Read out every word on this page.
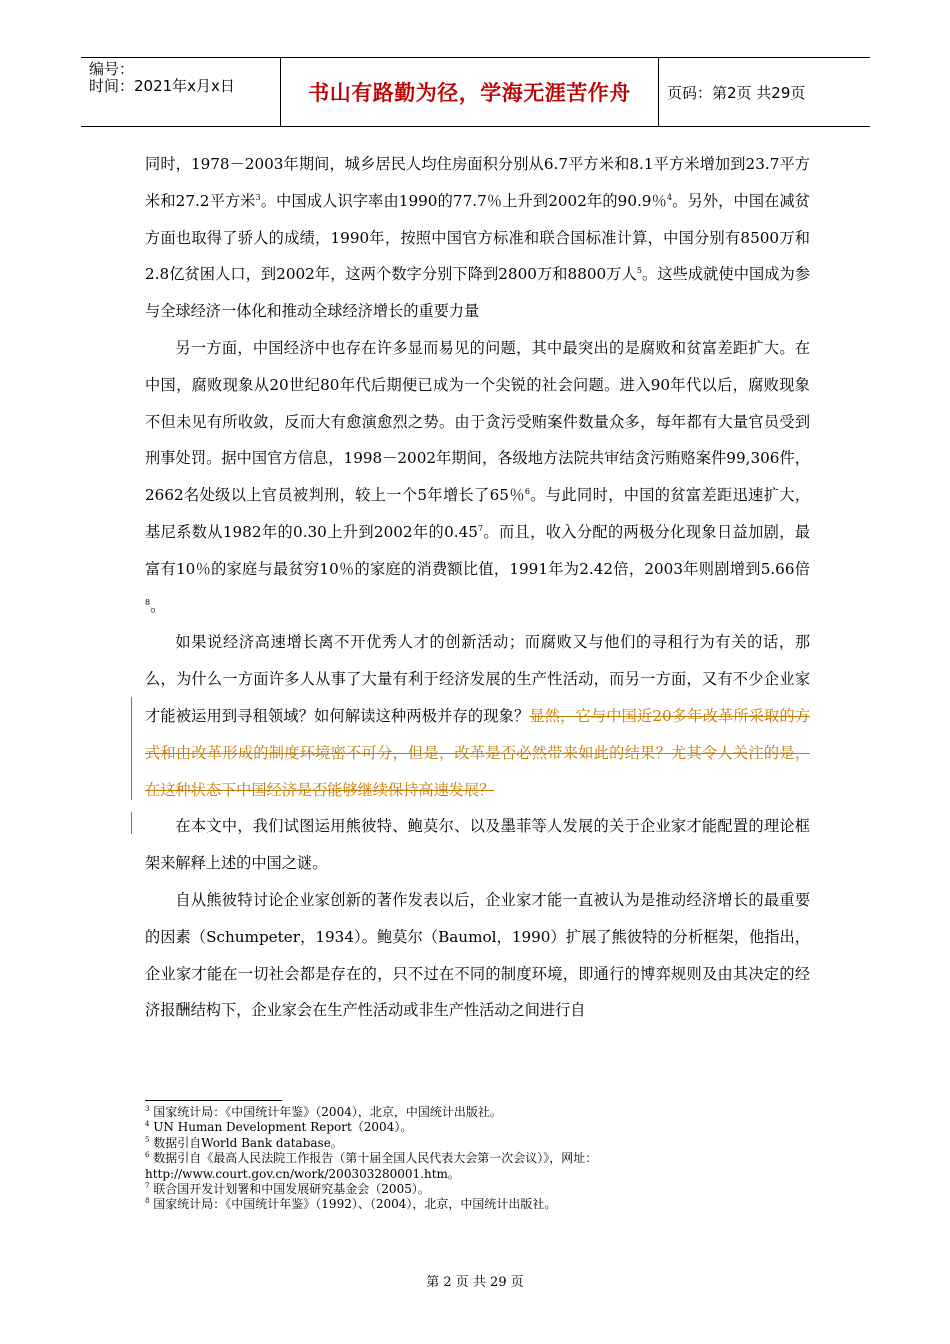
编号：
时间：2021年x月x日	书山有路勤为径，学海无涯苦作舟	页码：第2页 共29页

同时，1978－2003年期间，城乡居民人均住房面积分别从6.7平方米和8.1平方米增加到23.7平方米和27.2平方米$^3$。中国成人识字率由1990的77.7％上升到2002年的90.9％$^4$。另外，中国在减贫方面也取得了骄人的成绩，1990年，按照中国官方标准和联合国标准计算，中国分别有8500万和2.8亿贫困人口，到2002年，这两个数字分别下降到2800万和8800万人$^5$。这些成就使中国成为参与全球经济一体化和推动全球经济增长的重要力量

另一方面，中国经济中也存在许多显而易见的问题，其中最突出的是腐败和贫富差距扩大。在中国，腐败现象从20世纪80年代后期便已成为一个尖锐的社会问题。进入90年代以后，腐败现象不但未见有所收敛，反而大有愈演愈烈之势。由于贪污受贿案件数量众多，每年都有大量官员受到刑事处罚。据中国官方信息，1998－2002年期间，各级地方法院共审结贪污贿赂案件99,306件，2662名处级以上官员被判刑，较上一个5年增长了65％$^6$。与此同时，中国的贫富差距迅速扩大，基尼系数从1982年的0.30上升到2002年的0.45$^7$。而且，收入分配的两极分化现象日益加剧，最富有10％的家庭与最贫穷10％的家庭的消费额比值，1991年为2.42倍，2003年则剧增到5.66倍$^8$。

如果说经济高速增长离不开优秀人才的创新活动；而腐败又与他们的寻租行为有关的话，那么，为什么一方面许多人从事了大量有利于经济发展的生产性活动，而另一方面，又有不少企业家才能被运用到寻租领域？如何解读这种两极并存的现象？显然，它与中国近20多年改革所采取的方式和由改革形成的制度环境密不可分，但是，改革是否必然带来如此的结果？尤其令人关注的是，在这种状态下中国经济是否能够继续保持高速发展？

在本文中，我们试图运用熊彼特、鲍莫尔、以及墨菲等人发展的关于企业家才能配置的理论框架来解释上述的中国之谜。

自从熊彼特讨论企业家创新的著作发表以后，企业家才能一直被认为是推动经济增长的最重要的因素（Schumpeter，1934）。鲍莫尔（Baumol，1990）扩展了熊彼特的分析框架，他指出，企业家才能在一切社会都是存在的，只不过在不同的制度环境，即通行的博弈规则及由其决定的经济报酬结构下，企业家会在生产性活动或非生产性活动之间进行自

$^3$ 国家统计局：《中国统计年鉴》（2004），北京，中国统计出版社。
$^4$ UN Human Development Report（2004）。
$^5$ 数据引自World Bank database。
$^6$ 数据引自《最高人民法院工作报告（第十届全国人民代表大会第一次会议）》，网址：
http://www.court.gov.cn/work/200303280001.htm。
$^7$ 联合国开发计划署和中国发展研究基金会（2005）。
$^8$ 国家统计局：《中国统计年鉴》（1992）、（2004），北京，中国统计出版社。
第 2 页 共 29 页
